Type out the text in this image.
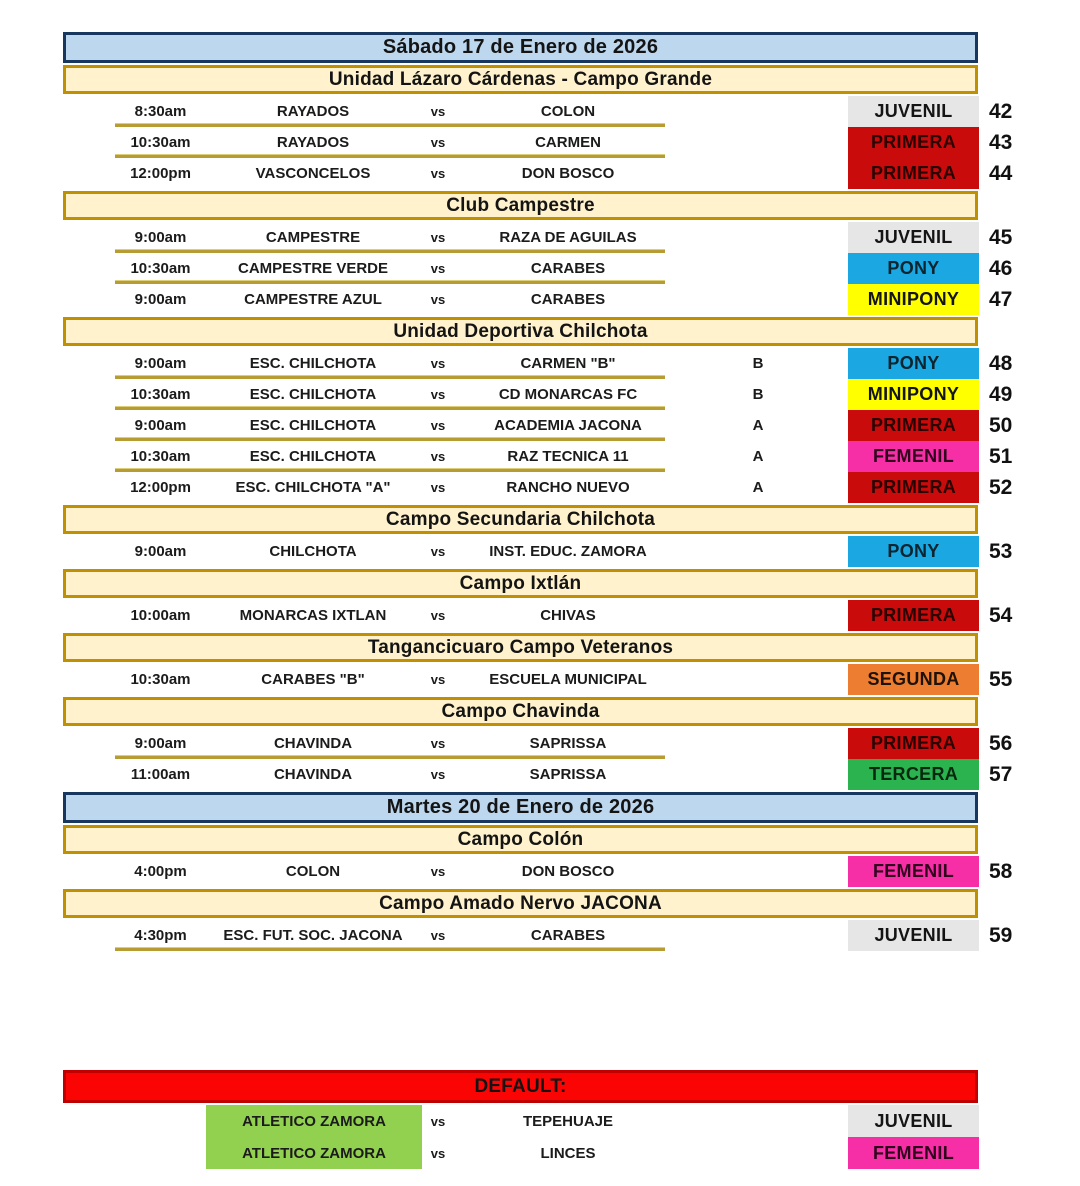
Sábado 17 de Enero de 2026
Unidad Lázaro Cárdenas - Campo Grande
8:30am	RAYADOS	vs	COLON	JUVENIL	42
10:30am	RAYADOS	vs	CARMEN	PRIMERA	43
12:00pm	VASCONCELOS	vs	DON BOSCO	PRIMERA	44
Club Campestre
9:00am	CAMPESTRE	vs	RAZA DE AGUILAS	JUVENIL	45
10:30am	CAMPESTRE VERDE	vs	CARABES	PONY	46
9:00am	CAMPESTRE AZUL	vs	CARABES	MINIPONY	47
Unidad Deportiva Chilchota
9:00am	ESC. CHILCHOTA	vs	CARMEN "B"	B	PONY	48
10:30am	ESC. CHILCHOTA	vs	CD MONARCAS FC	B	MINIPONY	49
9:00am	ESC. CHILCHOTA	vs	ACADEMIA JACONA	A	PRIMERA	50
10:30am	ESC. CHILCHOTA	vs	RAZ TECNICA 11	A	FEMENIL	51
12:00pm	ESC. CHILCHOTA "A"	vs	RANCHO NUEVO	A	PRIMERA	52
Campo Secundaria Chilchota
9:00am	CHILCHOTA	vs	INST. EDUC. ZAMORA	PONY	53
Campo Ixtlán
10:00am	MONARCAS IXTLAN	vs	CHIVAS	PRIMERA	54
Tangancicuaro Campo Veteranos
10:30am	CARABES "B"	vs	ESCUELA MUNICIPAL	SEGUNDA	55
Campo Chavinda
9:00am	CHAVINDA	vs	SAPRISSA	PRIMERA	56
11:00am	CHAVINDA	vs	SAPRISSA	TERCERA	57
Martes 20 de Enero de 2026
Campo Colón
4:00pm	COLON	vs	DON BOSCO	FEMENIL	58
Campo Amado Nervo JACONA
4:30pm	ESC. FUT. SOC. JACONA	vs	CARABES	JUVENIL	59
DEFAULT:
ATLETICO ZAMORA	vs	TEPEHUAJE	JUVENIL
ATLETICO ZAMORA	vs	LINCES	FEMENIL
